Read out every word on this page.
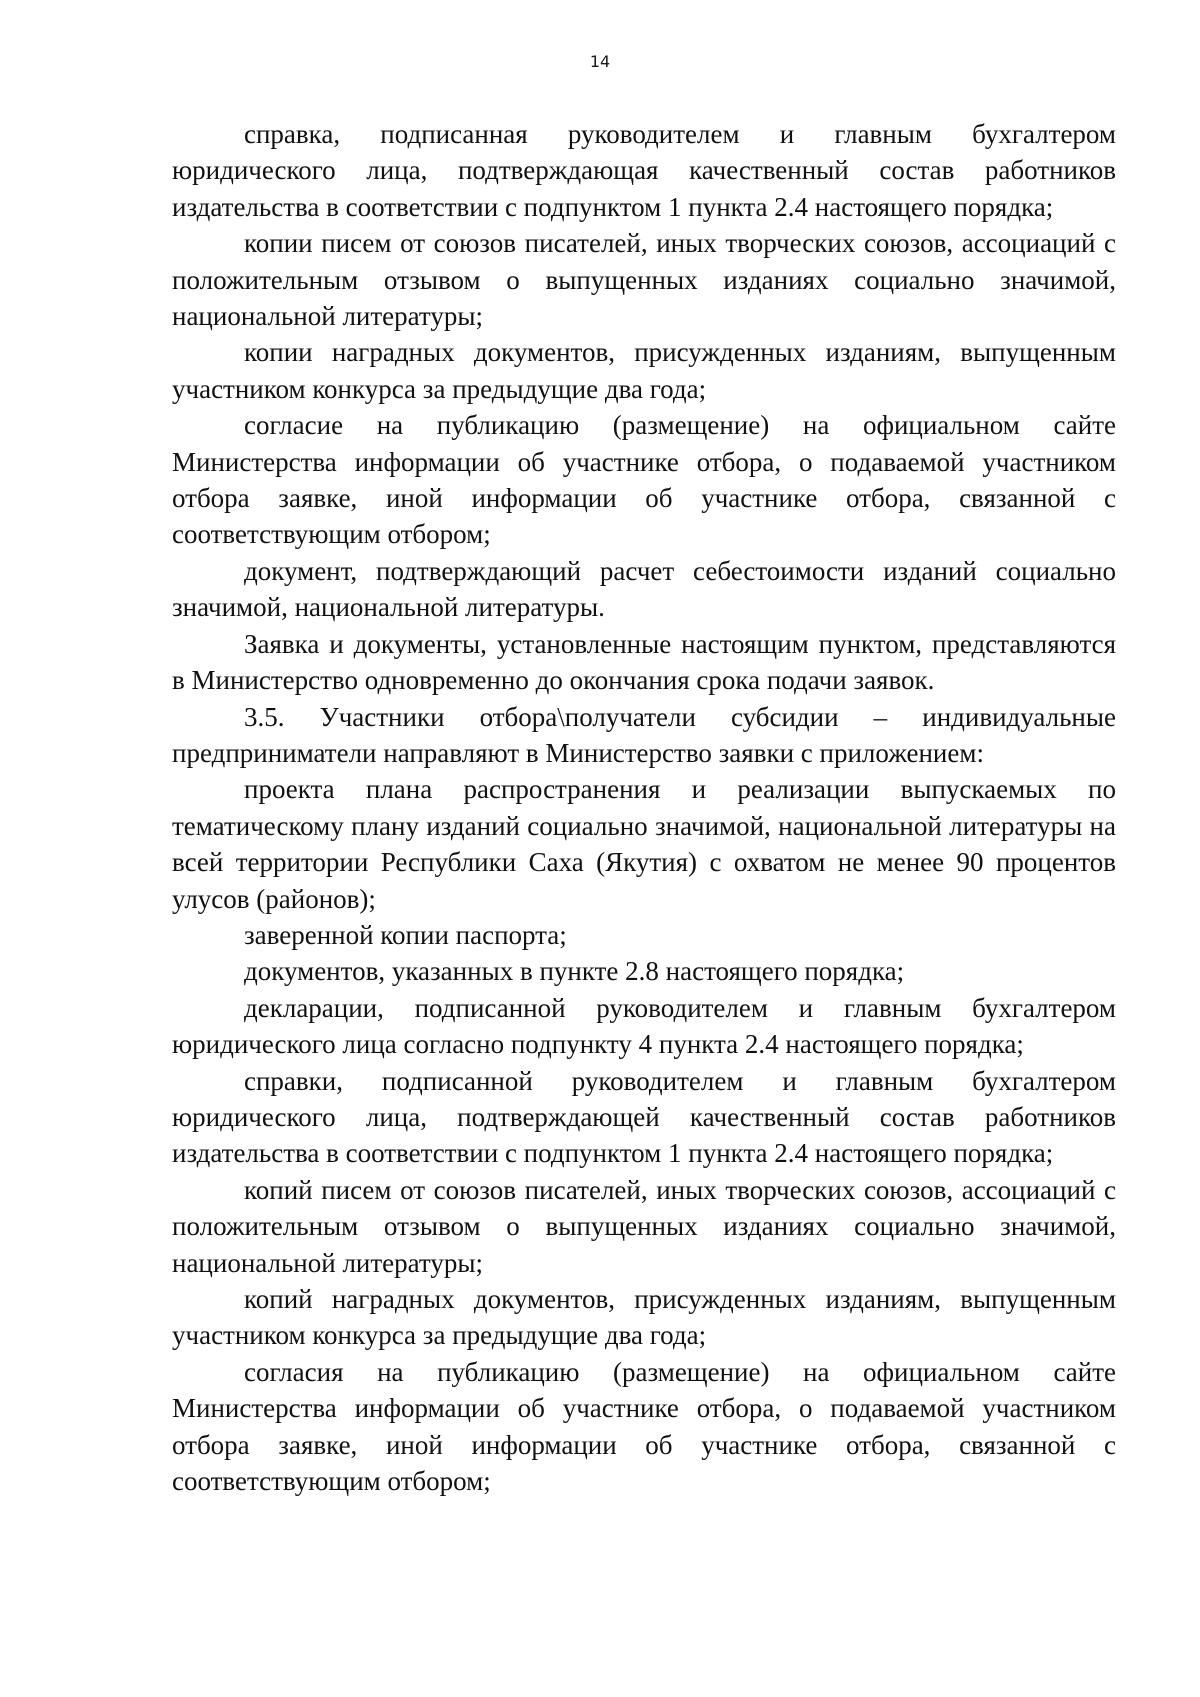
14

справка, подписанная руководителем и главным бухгалтером юридического лица, подтверждающая качественный состав работников издательства в соответствии с подпунктом 1 пункта 2.4 настоящего порядка;

копии писем от союзов писателей, иных творческих союзов, ассоциаций с положительным отзывом о выпущенных изданиях социально значимой, национальной литературы;

копии наградных документов, присужденных изданиям, выпущенным участником конкурса за предыдущие два года;

согласие на публикацию (размещение) на официальном сайте Министерства информации об участнике отбора, о подаваемой участником отбора заявке, иной информации об участнике отбора, связанной с соответствующим отбором;

документ, подтверждающий расчет себестоимости изданий социально значимой, национальной литературы.

Заявка и документы, установленные настоящим пунктом, представляются в Министерство одновременно до окончания срока подачи заявок.

3.5. Участники отбора\получатели субсидии – индивидуальные предприниматели направляют в Министерство заявки с приложением:

проекта плана распространения и реализации выпускаемых по тематическому плану изданий социально значимой, национальной литературы на всей территории Республики Саха (Якутия) с охватом не менее 90 процентов улусов (районов);

заверенной копии паспорта;

документов, указанных в пункте 2.8 настоящего порядка;

декларации, подписанной руководителем и главным бухгалтером юридического лица согласно подпункту 4 пункта 2.4 настоящего порядка;

справки, подписанной руководителем и главным бухгалтером юридического лица, подтверждающей качественный состав работников издательства в соответствии с подпунктом 1 пункта 2.4 настоящего порядка;

копий писем от союзов писателей, иных творческих союзов, ассоциаций с положительным отзывом о выпущенных изданиях социально значимой, национальной литературы;

копий наградных документов, присужденных изданиям, выпущенным участником конкурса за предыдущие два года;

согласия на публикацию (размещение) на официальном сайте Министерства информации об участнике отбора, о подаваемой участником отбора заявке, иной информации об участнике отбора, связанной с соответствующим отбором;
